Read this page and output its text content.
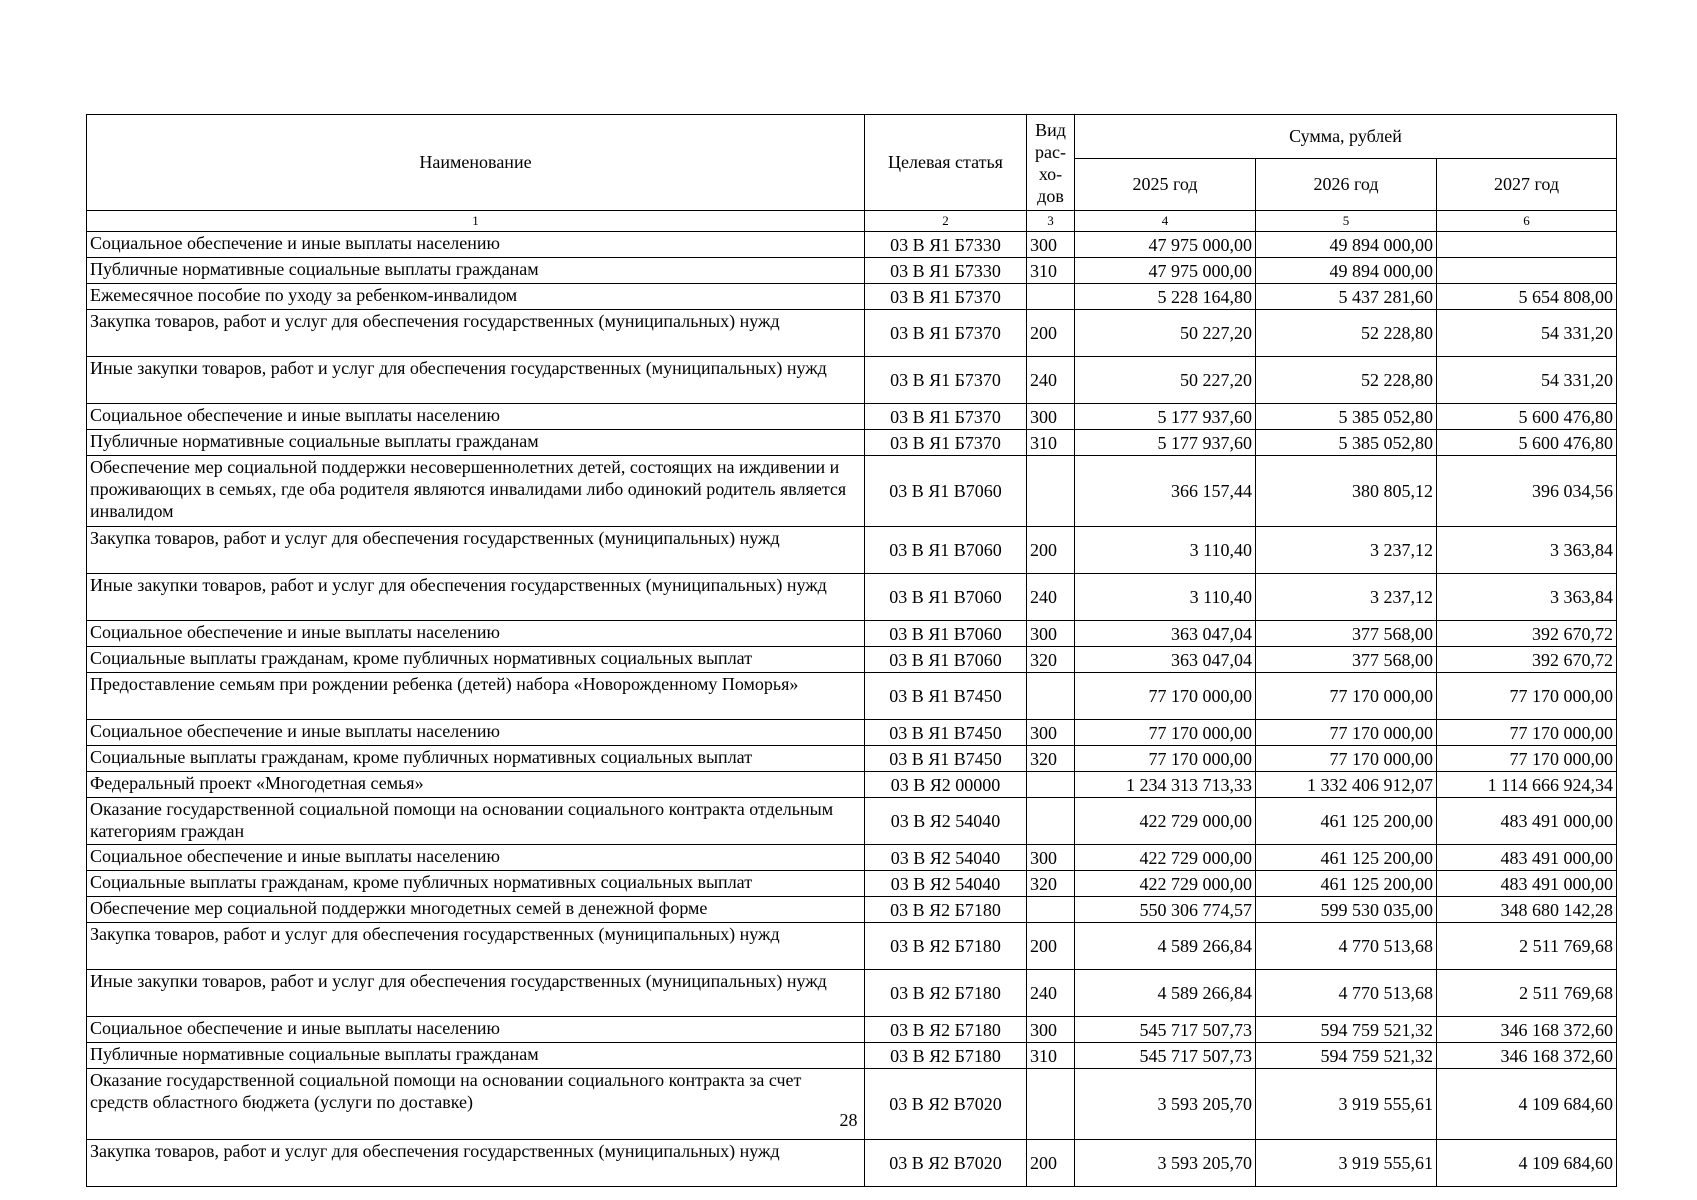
Наименование	Целевая статья	Вид рас- хо- дов	Сумма, рублей		
			2025 год	2026 год	2027 год
1	2	3	4	5	6
Социальное обеспечение и иные выплаты населению	03 В Я1 Б7330	300	47 975 000,00	49 894 000,00	
Публичные нормативные социальные выплаты гражданам	03 В Я1 Б7330	310	47 975 000,00	49 894 000,00	
Ежемесячное пособие по уходу за ребенком-инвалидом	03 В Я1 Б7370		5 228 164,80	5 437 281,60	5 654 808,00
Закупка товаров, работ и услуг для обеспечения государственных (муниципальных) нужд	03 В Я1 Б7370	200	50 227,20	52 228,80	54 331,20
Иные закупки товаров, работ и услуг для обеспечения государственных (муниципальных) нужд	03 В Я1 Б7370	240	50 227,20	52 228,80	54 331,20
Социальное обеспечение и иные выплаты населению	03 В Я1 Б7370	300	5 177 937,60	5 385 052,80	5 600 476,80
Публичные нормативные социальные выплаты гражданам	03 В Я1 Б7370	310	5 177 937,60	5 385 052,80	5 600 476,80
Обеспечение мер социальной поддержки несовершеннолетних детей, состоящих на иждивении и проживающих в семьях, где оба родителя являются инвалидами либо одинокий родитель является инвалидом	03 В Я1 В7060		366 157,44	380 805,12	396 034,56
Закупка товаров, работ и услуг для обеспечения государственных (муниципальных) нужд	03 В Я1 В7060	200	3 110,40	3 237,12	3 363,84
Иные закупки товаров, работ и услуг для обеспечения государственных (муниципальных) нужд	03 В Я1 В7060	240	3 110,40	3 237,12	3 363,84
Социальное обеспечение и иные выплаты населению	03 В Я1 В7060	300	363 047,04	377 568,00	392 670,72
Социальные выплаты гражданам, кроме публичных нормативных социальных выплат	03 В Я1 В7060	320	363 047,04	377 568,00	392 670,72
Предоставление семьям при рождении ребенка (детей) набора «Новорожденному Поморья»	03 В Я1 В7450		77 170 000,00	77 170 000,00	77 170 000,00
Социальное обеспечение и иные выплаты населению	03 В Я1 В7450	300	77 170 000,00	77 170 000,00	77 170 000,00
Социальные выплаты гражданам, кроме публичных нормативных социальных выплат	03 В Я1 В7450	320	77 170 000,00	77 170 000,00	77 170 000,00
Федеральный проект «Многодетная семья»	03 В Я2 00000		1 234 313 713,33	1 332 406 912,07	1 114 666 924,34
Оказание государственной социальной помощи на основании социального контракта отдельным категориям граждан	03 В Я2 54040		422 729 000,00	461 125 200,00	483 491 000,00
Социальное обеспечение и иные выплаты населению	03 В Я2 54040	300	422 729 000,00	461 125 200,00	483 491 000,00
Социальные выплаты гражданам, кроме публичных нормативных социальных выплат	03 В Я2 54040	320	422 729 000,00	461 125 200,00	483 491 000,00
Обеспечение мер социальной поддержки многодетных семей в денежной форме	03 В Я2 Б7180		550 306 774,57	599 530 035,00	348 680 142,28
Закупка товаров, работ и услуг для обеспечения государственных (муниципальных) нужд	03 В Я2 Б7180	200	4 589 266,84	4 770 513,68	2 511 769,68
Иные закупки товаров, работ и услуг для обеспечения государственных (муниципальных) нужд	03 В Я2 Б7180	240	4 589 266,84	4 770 513,68	2 511 769,68
Социальное обеспечение и иные выплаты населению	03 В Я2 Б7180	300	545 717 507,73	594 759 521,32	346 168 372,60
Публичные нормативные социальные выплаты гражданам	03 В Я2 Б7180	310	545 717 507,73	594 759 521,32	346 168 372,60
Оказание государственной социальной помощи на основании социального контракта за счет средств областного бюджета (услуги по доставке)	03 В Я2 В7020		3 593 205,70	3 919 555,61	4 109 684,60
Закупка товаров, работ и услуг для обеспечения государственных (муниципальных) нужд	03 В Я2 В7020	200	3 593 205,70	3 919 555,61	4 109 684,60
28
